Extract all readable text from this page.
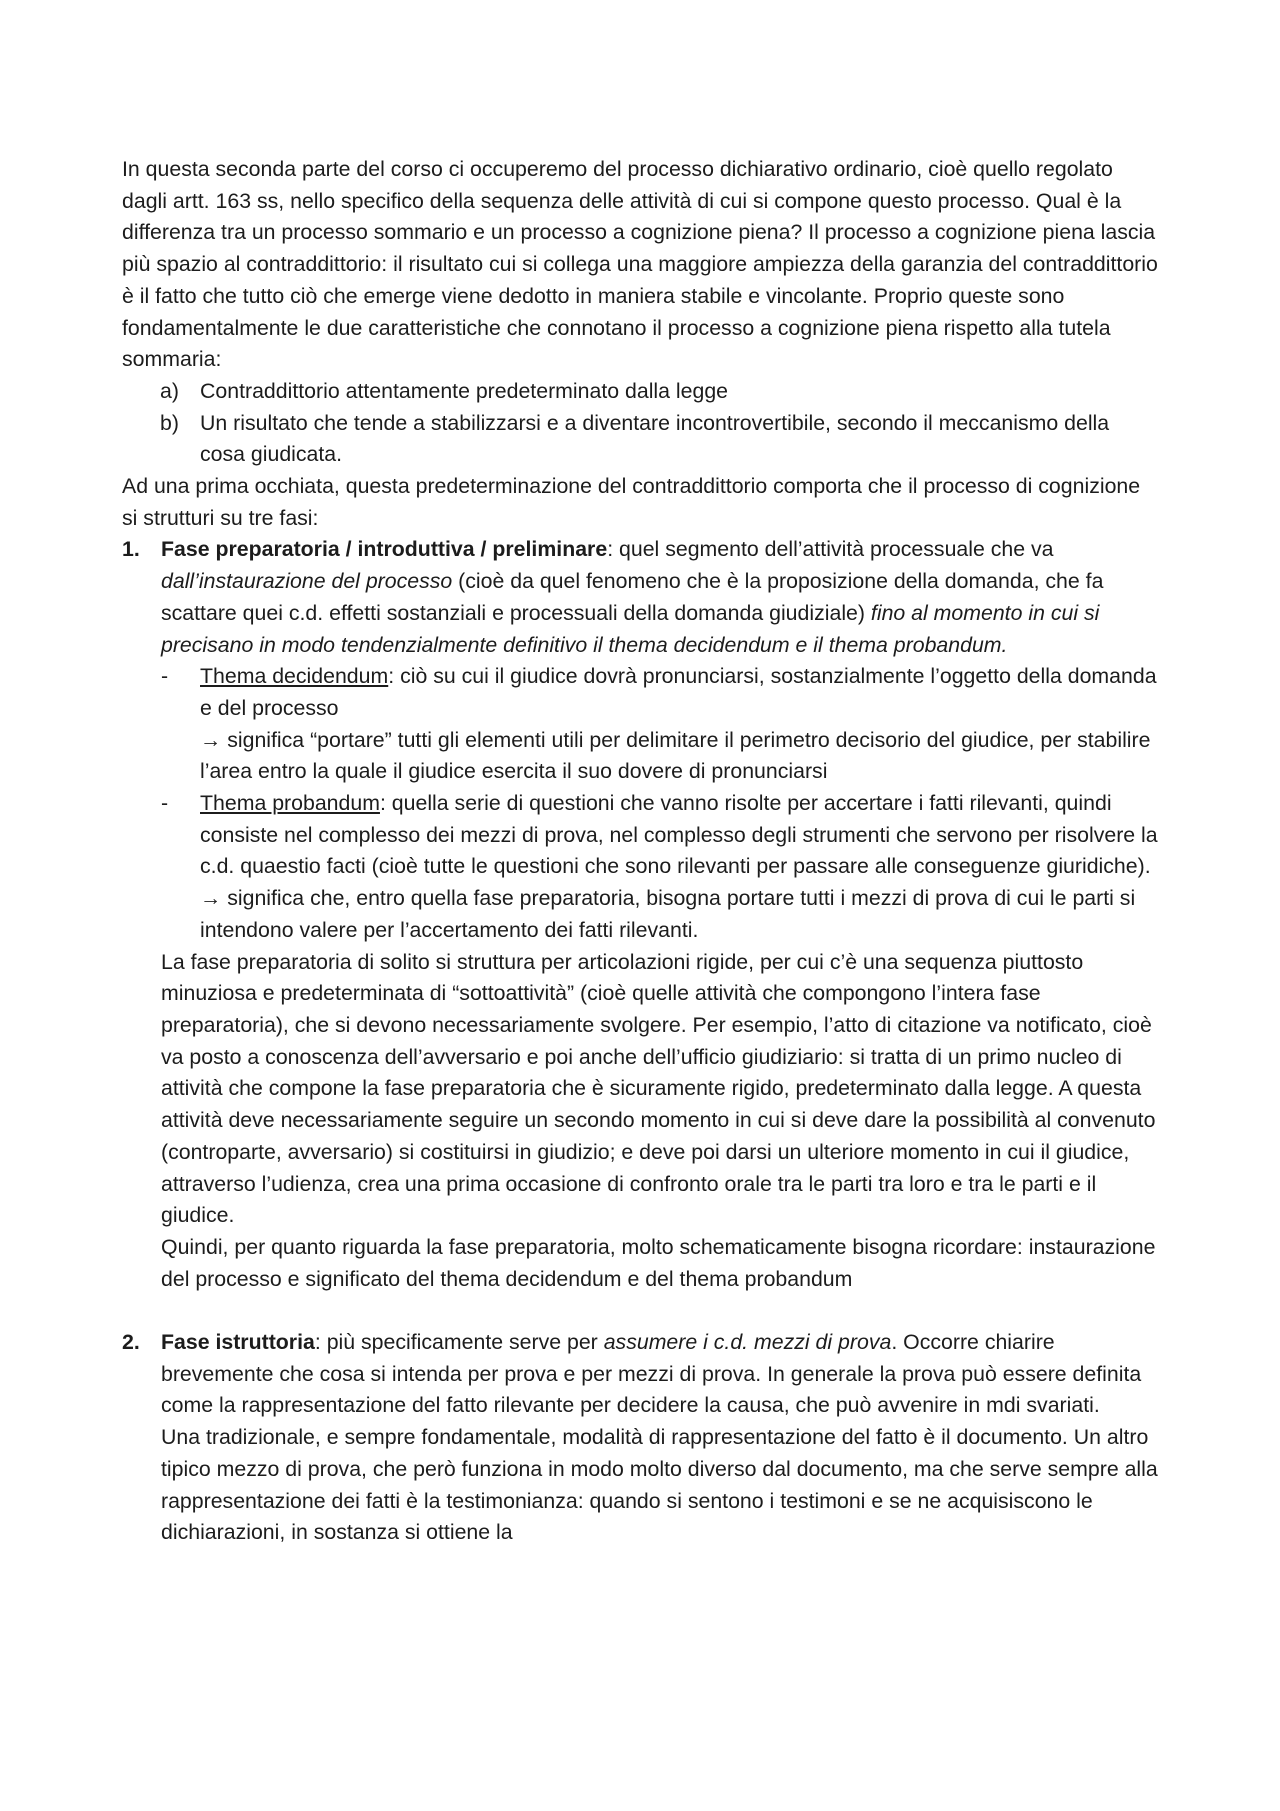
In questa seconda parte del corso ci occuperemo del processo dichiarativo ordinario, cioè quello regolato dagli artt. 163 ss, nello specifico della sequenza delle attività di cui si compone questo processo. Qual è la differenza tra un processo sommario e un processo a cognizione piena? Il processo a cognizione piena lascia più spazio al contraddittorio: il risultato cui si collega una maggiore ampiezza della garanzia del contraddittorio è il fatto che tutto ciò che emerge viene dedotto in maniera stabile e vincolante. Proprio queste sono fondamentalmente le due caratteristiche che connotano il processo a cognizione piena rispetto alla tutela sommaria:

a) Contraddittorio attentamente predeterminato dalla legge
b) Un risultato che tende a stabilizzarsi e a diventare incontrovertibile, secondo il meccanismo della cosa giudicata.

Ad una prima occhiata, questa predeterminazione del contraddittorio comporta che il processo di cognizione si strutturi su tre fasi:

1. Fase preparatoria / introduttiva / preliminare: quel segmento dell’attività processuale che va dall’instaurazione del processo (cioè da quel fenomeno che è la proposizione della domanda, che fa scattare quei c.d. effetti sostanziali e processuali della domanda giudiziale) fino al momento in cui si precisano in modo tendenzialmente definitivo il thema decidendum e il thema probandum.

- Thema decidendum: ciò su cui il giudice dovrà pronunciarsi, sostanzialmente l’oggetto della domanda e del processo

→ significa “portare” tutti gli elementi utili per delimitare il perimetro decisorio del giudice, per stabilire l’area entro la quale il giudice esercita il suo dovere di pronunciarsi

- Thema probandum: quella serie di questioni che vanno risolte per accertare i fatti rilevanti, quindi consiste nel complesso dei mezzi di prova, nel complesso degli strumenti che servono per risolvere la c.d. quaestio facti (cioè tutte le questioni che sono rilevanti per passare alle conseguenze giuridiche).

→ significa che, entro quella fase preparatoria, bisogna portare tutti i mezzi di prova di cui le parti si intendono valere per l’accertamento dei fatti rilevanti.

La fase preparatoria di solito si struttura per articolazioni rigide, per cui c’è una sequenza piuttosto minuziosa e predeterminata di “sottoattività” (cioè quelle attività che compongono l’intera fase preparatoria), che si devono necessariamente svolgere. Per esempio, l’atto di citazione va notificato, cioè va posto a conoscenza dell’avversario e poi anche dell’ufficio giudiziario: si tratta di un primo nucleo di attività che compone la fase preparatoria che è sicuramente rigido, predeterminato dalla legge. A questa attività deve necessariamente seguire un secondo momento in cui si deve dare la possibilità al convenuto (controparte, avversario) si costituirsi in giudizio; e deve poi darsi un ulteriore momento in cui il giudice, attraverso l’udienza, crea una prima occasione di confronto orale tra le parti tra loro e tra le parti e il giudice.

Quindi, per quanto riguarda la fase preparatoria, molto schematicamente bisogna ricordare: instaurazione del processo e significato del thema decidendum e del thema probandum

2. Fase istruttoria: più specificamente serve per assumere i c.d. mezzi di prova. Occorre chiarire brevemente che cosa si intenda per prova e per mezzi di prova. In generale la prova può essere definita come la rappresentazione del fatto rilevante per decidere la causa, che può avvenire in mdi svariati.

Una tradizionale, e sempre fondamentale, modalità di rappresentazione del fatto è il documento. Un altro tipico mezzo di prova, che però funziona in modo molto diverso dal documento, ma che serve sempre alla rappresentazione dei fatti è la testimonianza: quando si sentono i testimoni e se ne acquisiscono le dichiarazioni, in sostanza si ottiene la
